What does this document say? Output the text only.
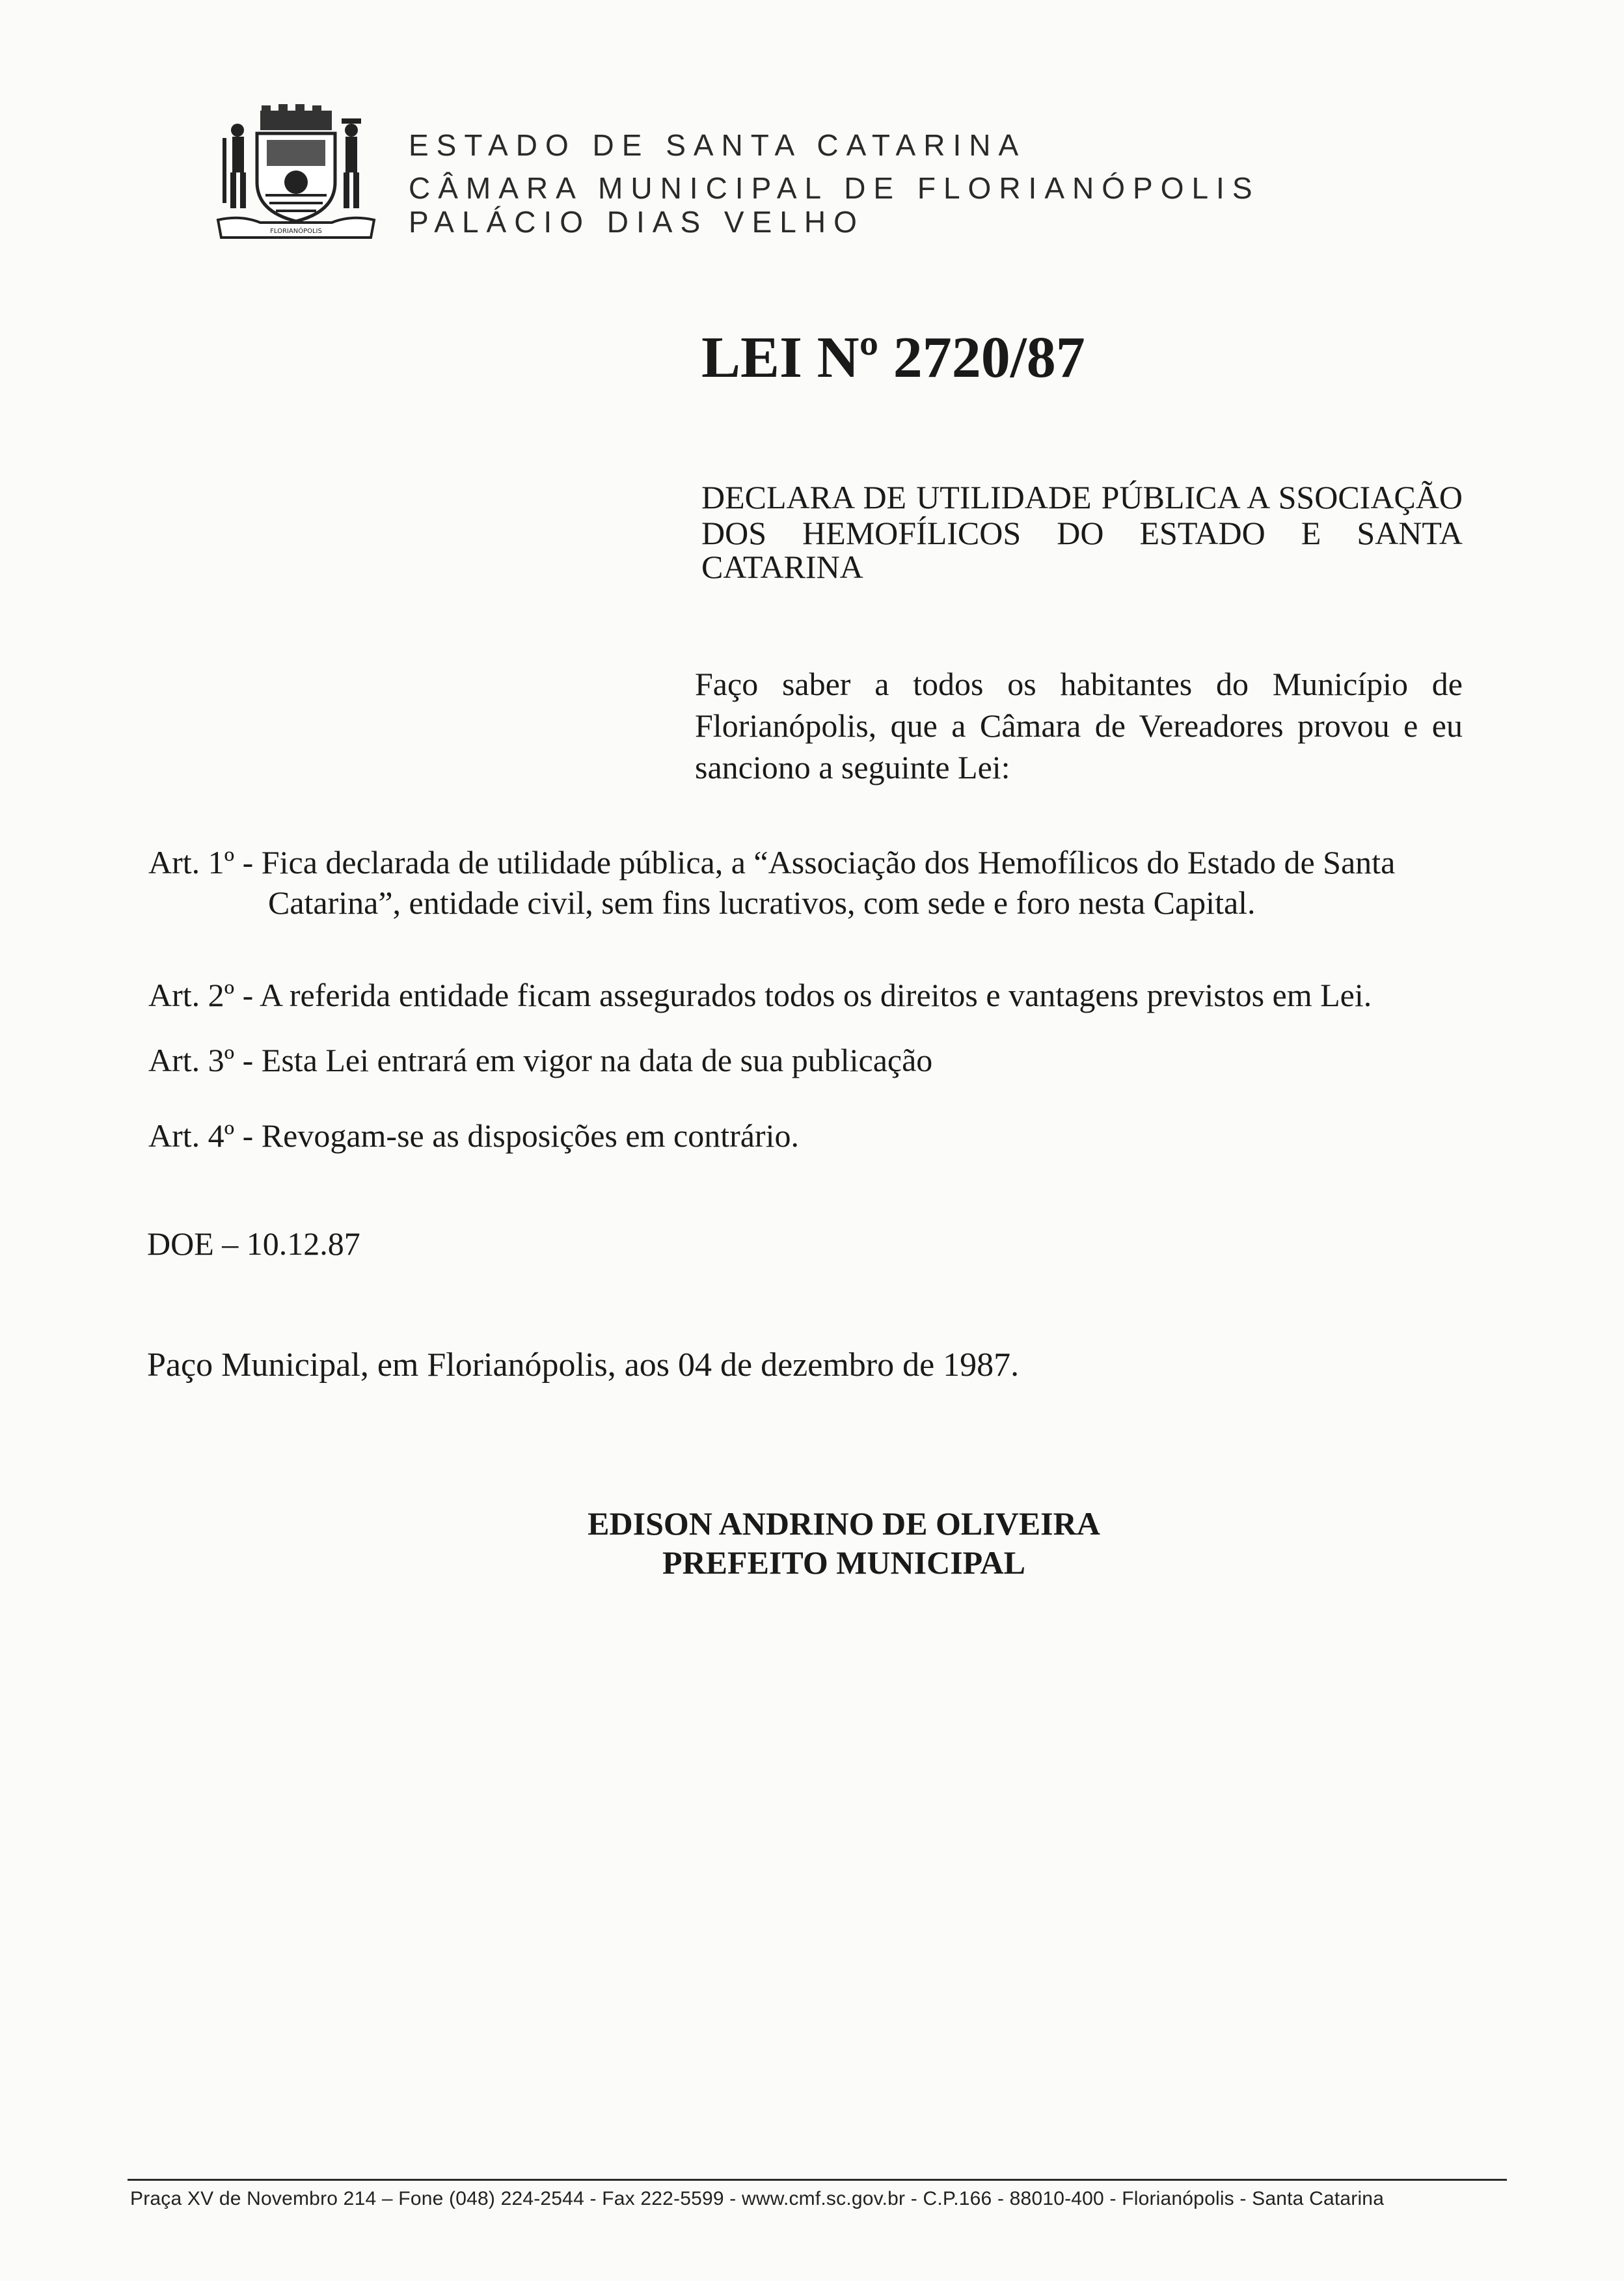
FLORIANÓPOLIS
ESTADO DE SANTA CATARINA
CÂMARA MUNICIPAL DE FLORIANÓPOLIS
PALÁCIO DIAS VELHO
LEI Nº 2720/87
DECLARA DE UTILIDADE PÚBLICA A SSOCIAÇÃO
DOS HEMOFÍLICOS DO ESTADO E SANTA
CATARINA
Faço saber a todos os habitantes do Município de
Florianópolis, que a Câmara de Vereadores provou e eu
sanciono a seguinte Lei:
Art. 1º - Fica declarada de utilidade pública, a “Associação dos Hemofílicos do Estado de Santa
Catarina”, entidade civil, sem fins lucrativos, com sede e foro nesta Capital.
Art. 2º - A referida entidade ficam assegurados todos os direitos e vantagens previstos em Lei.
Art. 3º - Esta Lei entrará em vigor na data de sua publicação
Art. 4º - Revogam-se as disposições em contrário.
DOE – 10.12.87
Paço Municipal, em Florianópolis, aos 04 de dezembro de 1987.
EDISON ANDRINO DE OLIVEIRA
PREFEITO MUNICIPAL
Praça XV de Novembro 214 – Fone (048) 224-2544 - Fax 222-5599 - www.cmf.sc.gov.br - C.P.166 - 88010-400 - Florianópolis - Santa Catarina
